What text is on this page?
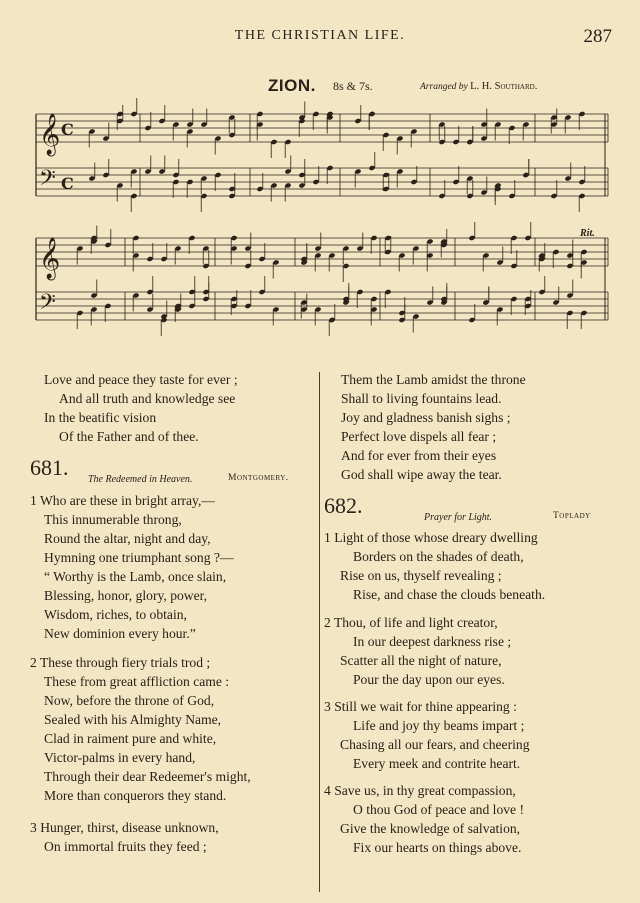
THE CHRISTIAN LIFE.	287
ZION. 8s & 7s.	Arranged by L. H. Southard.
𝄞
𝄢
C
C
𝄞
𝄢
Rit.
Love and peace they taste for ever ;
And all truth and knowledge see
In the beatific vision
Of the Father and of thee.
681. The Redeemed in Heaven.	Montgomery.
1 Who are these in bright array,—
This innumerable throng,
Round the altar, night and day,
Hymning one triumphant song ?—
“ Worthy is the Lamb, once slain,
Blessing, honor, glory, power,
Wisdom, riches, to obtain,
New dominion every hour.”
2 These through fiery trials trod ;
These from great affliction came :
Now, before the throne of God,
Sealed with his Almighty Name,
Clad in raiment pure and white,
Victor-palms in every hand,
Through their dear Redeemer's might,
More than conquerors they stand.
3 Hunger, thirst, disease unknown,
On immortal fruits they feed ;
Them the Lamb amidst the throne
Shall to living fountains lead.
Joy and gladness banish sighs ;
Perfect love dispels all fear ;
And for ever from their eyes
God shall wipe away the tear.
682.	Prayer for Light.	Toplady
1 Light of those whose dreary dwelling
Borders on the shades of death,
Rise on us, thyself revealing ;
Rise, and chase the clouds beneath.
2 Thou, of life and light creator,
In our deepest darkness rise ;
Scatter all the night of nature,
Pour the day upon our eyes.
3 Still we wait for thine appearing :
Life and joy thy beams impart ;
Chasing all our fears, and cheering
Every meek and contrite heart.
4 Save us, in thy great compassion,
O thou God of peace and love !
Give the knowledge of salvation,
Fix our hearts on things above.
